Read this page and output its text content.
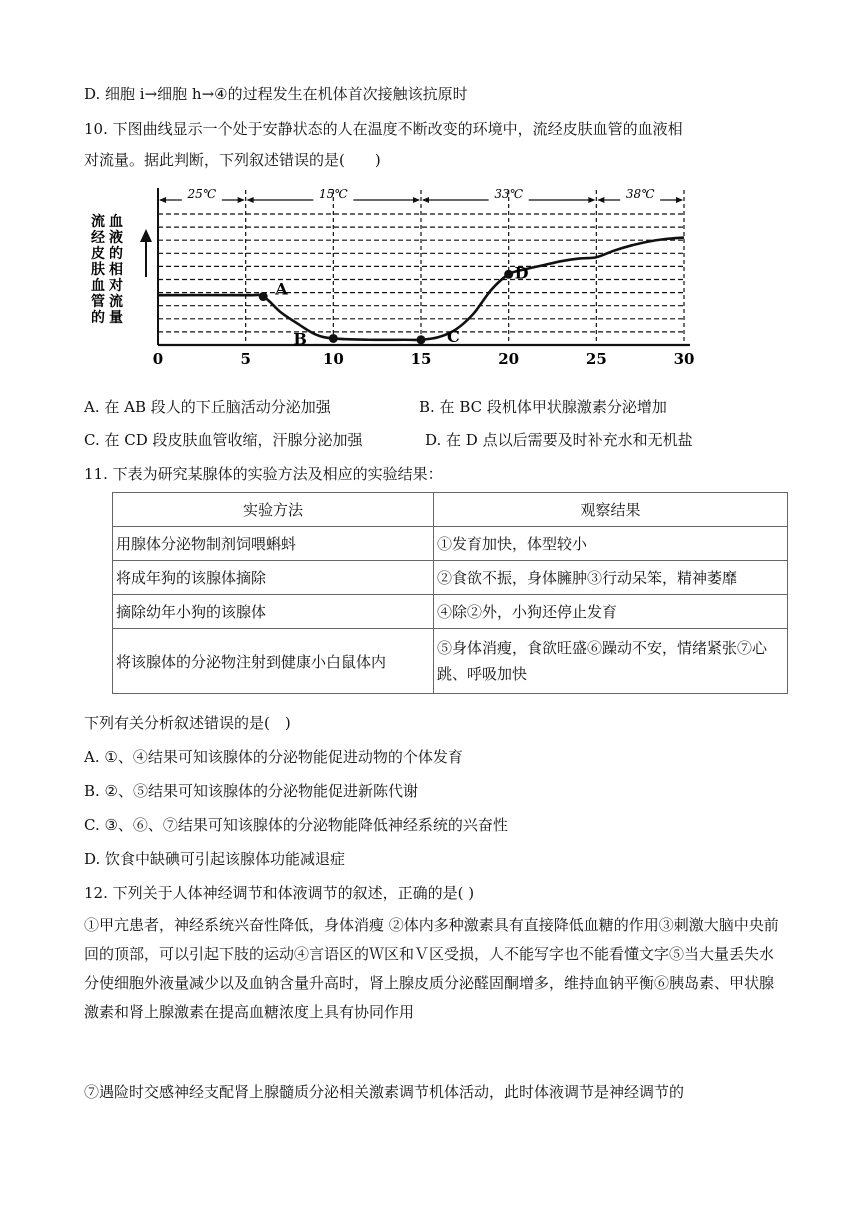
D. 细胞 i→细胞 h→④的过程发生在机体首次接触该抗原时
10. 下图曲线显示一个处于安静状态的人在温度不断改变的环境中，流经皮肤血管的血液相
对流量。据此判断，下列叙述错误的是(　　)
流
经
皮
肤
血
管
的
血
液
的
相
对
流
量
25℃	15℃	33℃	38℃
0	5	10	15	20	25	30
A
B	C
D
A. 在 AB 段人的下丘脑活动分泌加强	B. 在 BC 段机体甲状腺激素分泌增加
C. 在 CD 段皮肤血管收缩，汗腺分泌加强	D. 在 D 点以后需要及时补充水和无机盐
11. 下表为研究某腺体的实验方法及相应的实验结果：
实验方法	观察结果
用腺体分泌物制剂饲喂蝌蚪	①发育加快，体型较小
将成年狗的该腺体摘除	②食欲不振，身体臃肿③行动呆笨，精神萎靡
摘除幼年小狗的该腺体	④除②外，小狗还停止发育
将该腺体的分泌物注射到健康小白鼠体内	⑤身体消瘦，食欲旺盛⑥躁动不安，情绪紧张⑦心跳、呼吸加快
下列有关分析叙述错误的是(　)
A. ①、④结果可知该腺体的分泌物能促进动物的个体发育
B. ②、⑤结果可知该腺体的分泌物能促进新陈代谢
C. ③、⑥、⑦结果可知该腺体的分泌物能降低神经系统的兴奋性
D. 饮食中缺碘可引起该腺体功能减退症
12. 下列关于人体神经调节和体液调节的叙述，正确的是( )
①甲亢患者，神经系统兴奋性降低，身体消瘦 ②体内多种激素具有直接降低血糖的作用③刺激大脑中央前回的顶部，可以引起下肢的运动④言语区的Ｗ区和Ｖ区受损，人不能写字也不能看懂文字⑤当大量丢失水分使细胞外液量减少以及血钠含量升高时，肾上腺皮质分泌醛固酮增多，维持血钠平衡⑥胰岛素、甲状腺激素和肾上腺激素在提高血糖浓度上具有协同作用
⑦遇险时交感神经支配肾上腺髓质分泌相关激素调节机体活动，此时体液调节是神经调节的
